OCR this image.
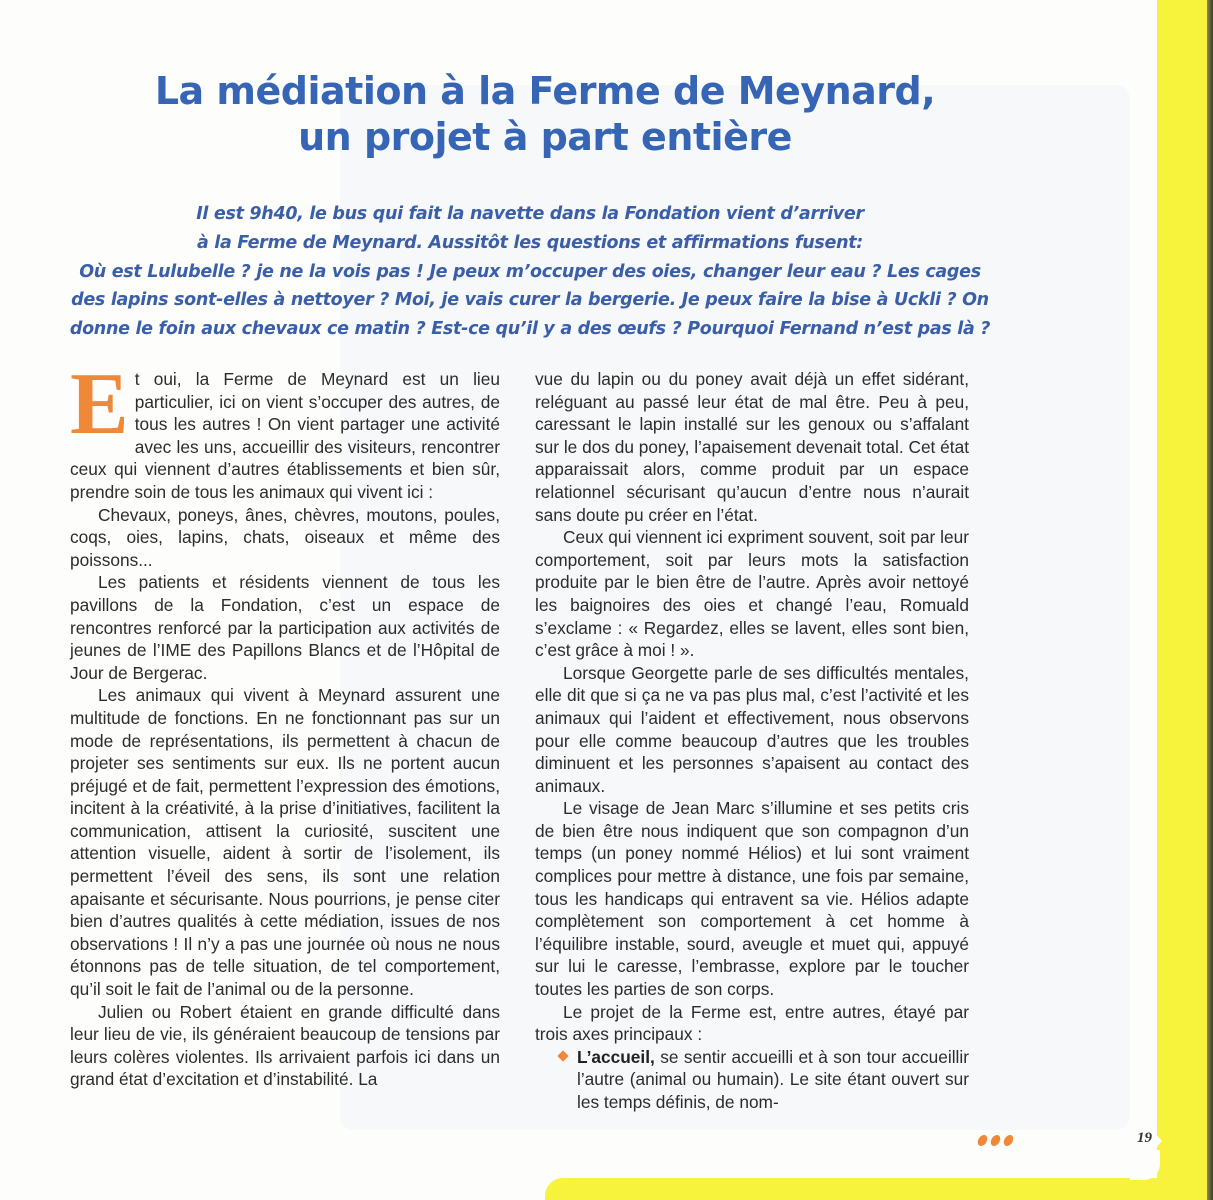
La médiation à la Ferme de Meynard,
un projet à part entière
Il est 9h40, le bus qui fait la navette dans la Fondation vient d’arriver
à la Ferme de Meynard. Aussitôt les questions et affirmations fusent:
Où est Lulubelle ? je ne la vois pas ! Je peux m’occuper des oies, changer leur eau ? Les cages
des lapins sont-elles à nettoyer ? Moi, je vais curer la bergerie. Je peux faire la bise à Uckli ? On
donne le foin aux chevaux ce matin ? Est-ce qu’il y a des œufs ? Pourquoi Fernand n’est pas là ?

Et oui, la Ferme de Meynard est un lieu particulier, ici on vient s’occuper des autres, de tous les autres ! On vient partager une activité avec les uns, accueillir des visiteurs, rencontrer ceux qui viennent d’autres établissements et bien sûr, prendre soin de tous les animaux qui vivent ici :

Chevaux, poneys, ânes, chèvres, moutons, poules, coqs, oies, lapins, chats, oiseaux et même des poissons...

Les patients et résidents viennent de tous les pavillons de la Fondation, c’est un espace de rencontres renforcé par la participation aux activités de jeunes de l’IME des Papillons Blancs et de l’Hôpital de Jour de Bergerac.

Les animaux qui vivent à Meynard assurent une multitude de fonctions. En ne fonctionnant pas sur un mode de représentations, ils permettent à chacun de projeter ses sentiments sur eux. Ils ne portent aucun préjugé et de fait, permettent l’expression des émotions, incitent à la créativité, à la prise d’initiatives, facilitent la communication, attisent la curiosité, suscitent une attention visuelle, aident à sortir de l’isolement, ils permettent l’éveil des sens, ils sont une relation apaisante et sécurisante. Nous pourrions, je pense citer bien d’autres qualités à cette médiation, issues de nos observations ! Il n’y a pas une journée où nous ne nous étonnons pas de telle situation, de tel comportement, qu’il soit le fait de l’animal ou de la personne.

Julien ou Robert étaient en grande difficulté dans leur lieu de vie, ils généraient beaucoup de tensions par leurs colères violentes. Ils arrivaient parfois ici dans un grand état d’excitation et d’instabilité. La

vue du lapin ou du poney avait déjà un effet sidérant, reléguant au passé leur état de mal être. Peu à peu, caressant le lapin installé sur les genoux ou s’affalant sur le dos du poney, l’apaisement devenait total. Cet état apparaissait alors, comme produit par un espace relationnel sécurisant qu’aucun d’entre nous n’aurait sans doute pu créer en l’état.

Ceux qui viennent ici expriment souvent, soit par leur comportement, soit par leurs mots la satisfaction produite par le bien être de l’autre. Après avoir nettoyé les baignoires des oies et changé l’eau, Romuald s’exclame : « Regardez, elles se lavent, elles sont bien, c’est grâce à moi ! ».

Lorsque Georgette parle de ses difficultés mentales, elle dit que si ça ne va pas plus mal, c’est l’activité et les animaux qui l’aident et effectivement, nous observons pour elle comme beaucoup d’autres que les troubles diminuent et les personnes s’apaisent au contact des animaux.

Le visage de Jean Marc s’illumine et ses petits cris de bien être nous indiquent que son compagnon d’un temps (un poney nommé Hélios) et lui sont vraiment complices pour mettre à distance, une fois par semaine, tous les handicaps qui entravent sa vie. Hélios adapte complètement son comportement à cet homme à l’équilibre instable, sourd, aveugle et muet qui, appuyé sur lui le caresse, l’embrasse, explore par le toucher toutes les parties de son corps.

Le projet de la Ferme est, entre autres, étayé par trois axes principaux :

L’accueil, se sentir accueilli et à son tour accueillir l’autre (animal ou humain). Le site étant ouvert sur les temps définis, de nom-

19
